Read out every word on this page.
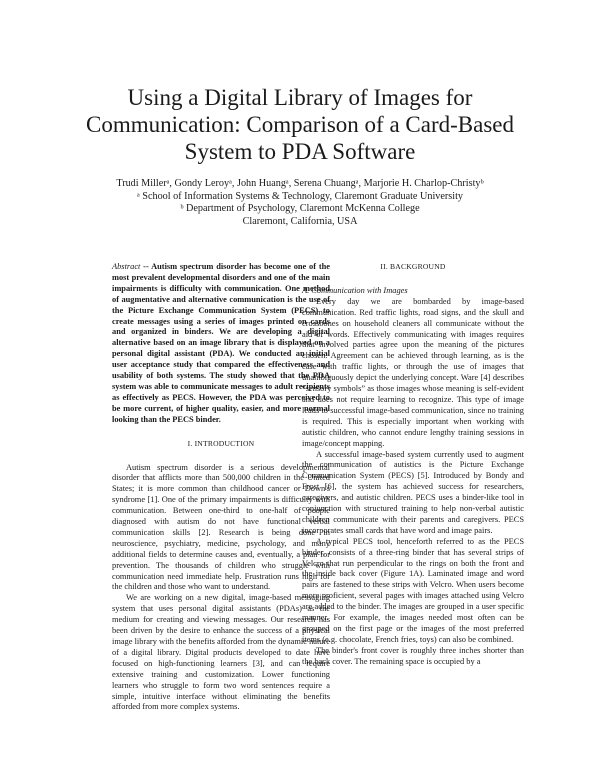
Using a Digital Library of Images for
Communication: Comparison of a Card-Based
System to PDA Software
Trudi Millerᵃ, Gondy Leroyᵃ, John Huangᵃ, Serena Chuangᵃ, Marjorie H. Charlop-Christyᵇ
ᵃ School of Information Systems & Technology, Claremont Graduate University
ᵇ Department of Psychology, Claremont McKenna College
Claremont, California, USA

Abstract -- Autism spectrum disorder has become one of the most prevalent developmental disorders and one of the main impairments is difficulty with communication. One method of augmentative and alternative communication is the use of the Picture Exchange Communication System (PECS) to create messages using a series of images printed on cards and organized in binders. We are developing a digital alternative based on an image library that is displayed on a personal digital assistant (PDA). We conducted an initial user acceptance study that compared the effectiveness and usability of both systems. The study showed that the PDA system was able to communicate messages to adult recipients as effectively as PECS. However, the PDA was perceived to be more current, of higher quality, easier, and more normal looking than the PECS binder.

I. INTRODUCTION

Autism spectrum disorder is a serious developmental disorder that afflicts more than 500,000 children in the United States; it is more common than childhood cancer or Down's syndrome [1]. One of the primary impairments is difficulty with communication. Between one-third to one-half of people diagnosed with autism do not have functional verbal communication skills [2]. Research is being done in neuroscience, psychiatry, medicine, psychology, and many additional fields to determine causes and, eventually, a plan for prevention. The thousands of children who struggle with communication need immediate help. Frustration runs high for the children and those who want to understand.

We are working on a new digital, image-based messaging system that uses personal digital assistants (PDAs) as the medium for creating and viewing messages. Our research has been driven by the desire to enhance the success of a physical image library with the benefits afforded from the dynamic nature of a digital library. Digital products developed to date have focused on high-functioning learners [3], and can require extensive training and customization. Lower functioning learners who struggle to form two word sentences require a simple, intuitive interface without eliminating the benefits afforded from more complex systems.

II. BACKGROUND

A. Communication with Images

Every day we are bombarded by image-based communication. Red traffic lights, road signs, and the skull and crossbones on household cleaners all communicate without the aid of words. Effectively communicating with images requires that involved parties agree upon the meaning of the pictures chosen. Agreement can be achieved through learning, as is the case with traffic lights, or through the use of images that unambiguously depict the underlying concept. Ware [4] describes “sensory symbols” as those images whose meaning is self-evident and does not require learning to recognize. This type of image leads to successful image-based communication, since no training is required. This is especially important when working with autistic children, who cannot endure lengthy training sessions in image/concept mapping.

A successful image-based system currently used to augment the communication of autistics is the Picture Exchange Communication System (PECS) [5]. Introduced by Bondy and Frost [6], the system has achieved success for researchers, caregivers, and autistic children. PECS uses a binder-like tool in conjunction with structured training to help non-verbal autistic children communicate with their parents and caregivers. PECS incorporates small cards that have word and image pairs.

A typical PECS tool, henceforth referred to as the PECS binder, consists of a three-ring binder that has several strips of Velcro that run perpendicular to the rings on both the front and the inside back cover (Figure 1A). Laminated image and word pairs are fastened to these strips with Velcro. When users become more proficient, several pages with images attached using Velcro are added to the binder. The images are grouped in a user specific manner. For example, the images needed most often can be grouped on the first page or the images of the most preferred items (e.g. chocolate, French fries, toys) can also be combined.

The binder's front cover is roughly three inches shorter than the back cover. The remaining space is occupied by a
